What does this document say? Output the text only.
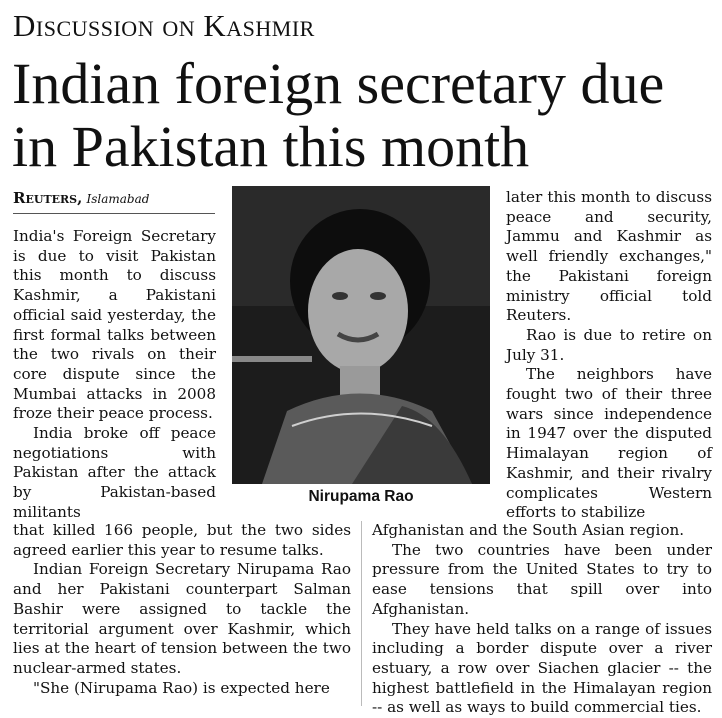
Discussion on Kashmir
Indian foreign secretary due in Pakistan this month
Reuters, Islamabad

India's Foreign Secretary is due to visit Pakistan this month to discuss Kashmir, a Pakistani official said yesterday, the first formal talks between the two rivals on their core dispute since the Mumbai attacks in 2008 froze their peace process.

India broke off peace negotiations with Pakistan after the attack by Pakistan-based militants

Nirupama Rao

later this month to discuss peace and security, Jammu and Kashmir as well friendly exchanges," the Pakistani foreign ministry official told Reuters.

Rao is due to retire on July 31.

The neighbors have fought two of their three wars since independence in 1947 over the disputed Himalayan region of Kashmir, and their rivalry complicates Western efforts to stabilize

that killed 166 people, but the two sides agreed earlier this year to resume talks.

Indian Foreign Secretary Nirupama Rao and her Pakistani counterpart Salman Bashir were assigned to tackle the territorial argument over Kashmir, which lies at the heart of tension between the two nuclear-armed states.

"She (Nirupama Rao) is expected here

Afghanistan and the South Asian region.

The two countries have been under pressure from the United States to try to ease tensions that spill over into Afghanistan.

They have held talks on a range of issues including a border dispute over a river estuary, a row over Siachen glacier -- the highest battlefield in the Himalayan region -- as well as ways to build commercial ties.
